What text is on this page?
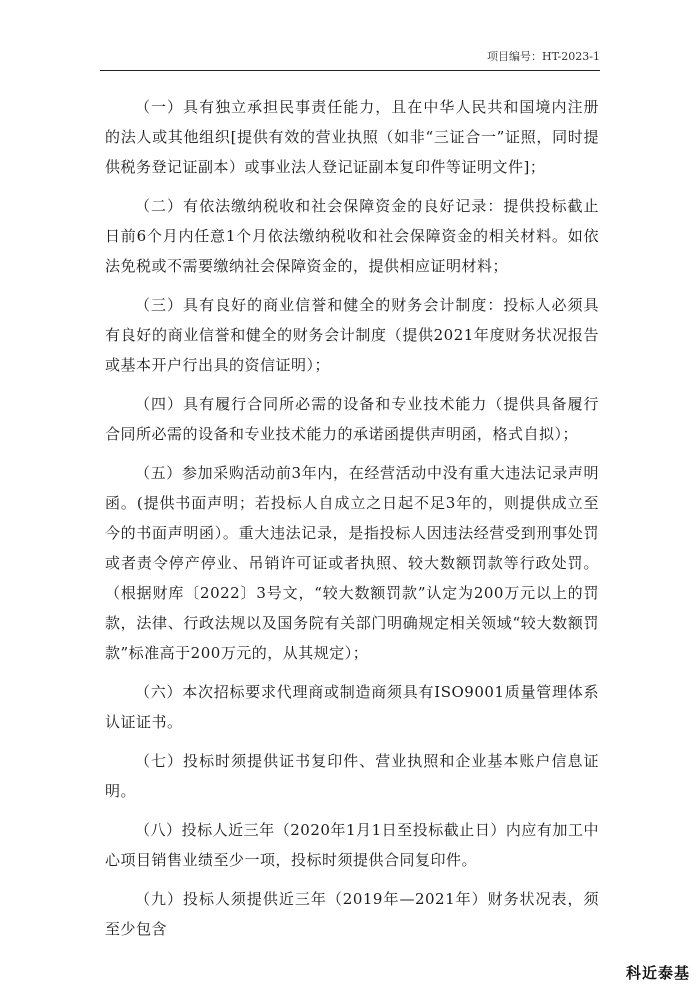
项目编号：HT-2023-1

（一）具有独立承担民事责任能力，且在中华人民共和国境内注册的法人或其他组织[提供有效的营业执照（如非“三证合一”证照，同时提供税务登记证副本）或事业法人登记证副本复印件等证明文件]；

（二）有依法缴纳税收和社会保障资金的良好记录：提供投标截止日前6个月内任意1个月依法缴纳税收和社会保障资金的相关材料。如依法免税或不需要缴纳社会保障资金的，提供相应证明材料；

（三）具有良好的商业信誉和健全的财务会计制度：投标人必须具有良好的商业信誉和健全的财务会计制度（提供2021年度财务状况报告或基本开户行出具的资信证明）；

（四）具有履行合同所必需的设备和专业技术能力（提供具备履行合同所必需的设备和专业技术能力的承诺函提供声明函，格式自拟）；

（五）参加采购活动前3年内，在经营活动中没有重大违法记录声明函。(提供书面声明；若投标人自成立之日起不足3年的，则提供成立至今的书面声明函）。重大违法记录，是指投标人因违法经营受到刑事处罚或者责令停产停业、吊销许可证或者执照、较大数额罚款等行政处罚。（根据财库〔2022〕3号文，“较大数额罚款”认定为200万元以上的罚款，法律、行政法规以及国务院有关部门明确规定相关领域“较大数额罚款”标准高于200万元的，从其规定）；

（六）本次招标要求代理商或制造商须具有ISO9001质量管理体系认证证书。

（七）投标时须提供证书复印件、营业执照和企业基本账户信息证明。

（八）投标人近三年（2020年1月1日至投标截止日）内应有加工中心项目销售业绩至少一项，投标时须提供合同复印件。

（九）投标人须提供近三年（2019年—2021年）财务状况表，须至少包含

科近泰基
